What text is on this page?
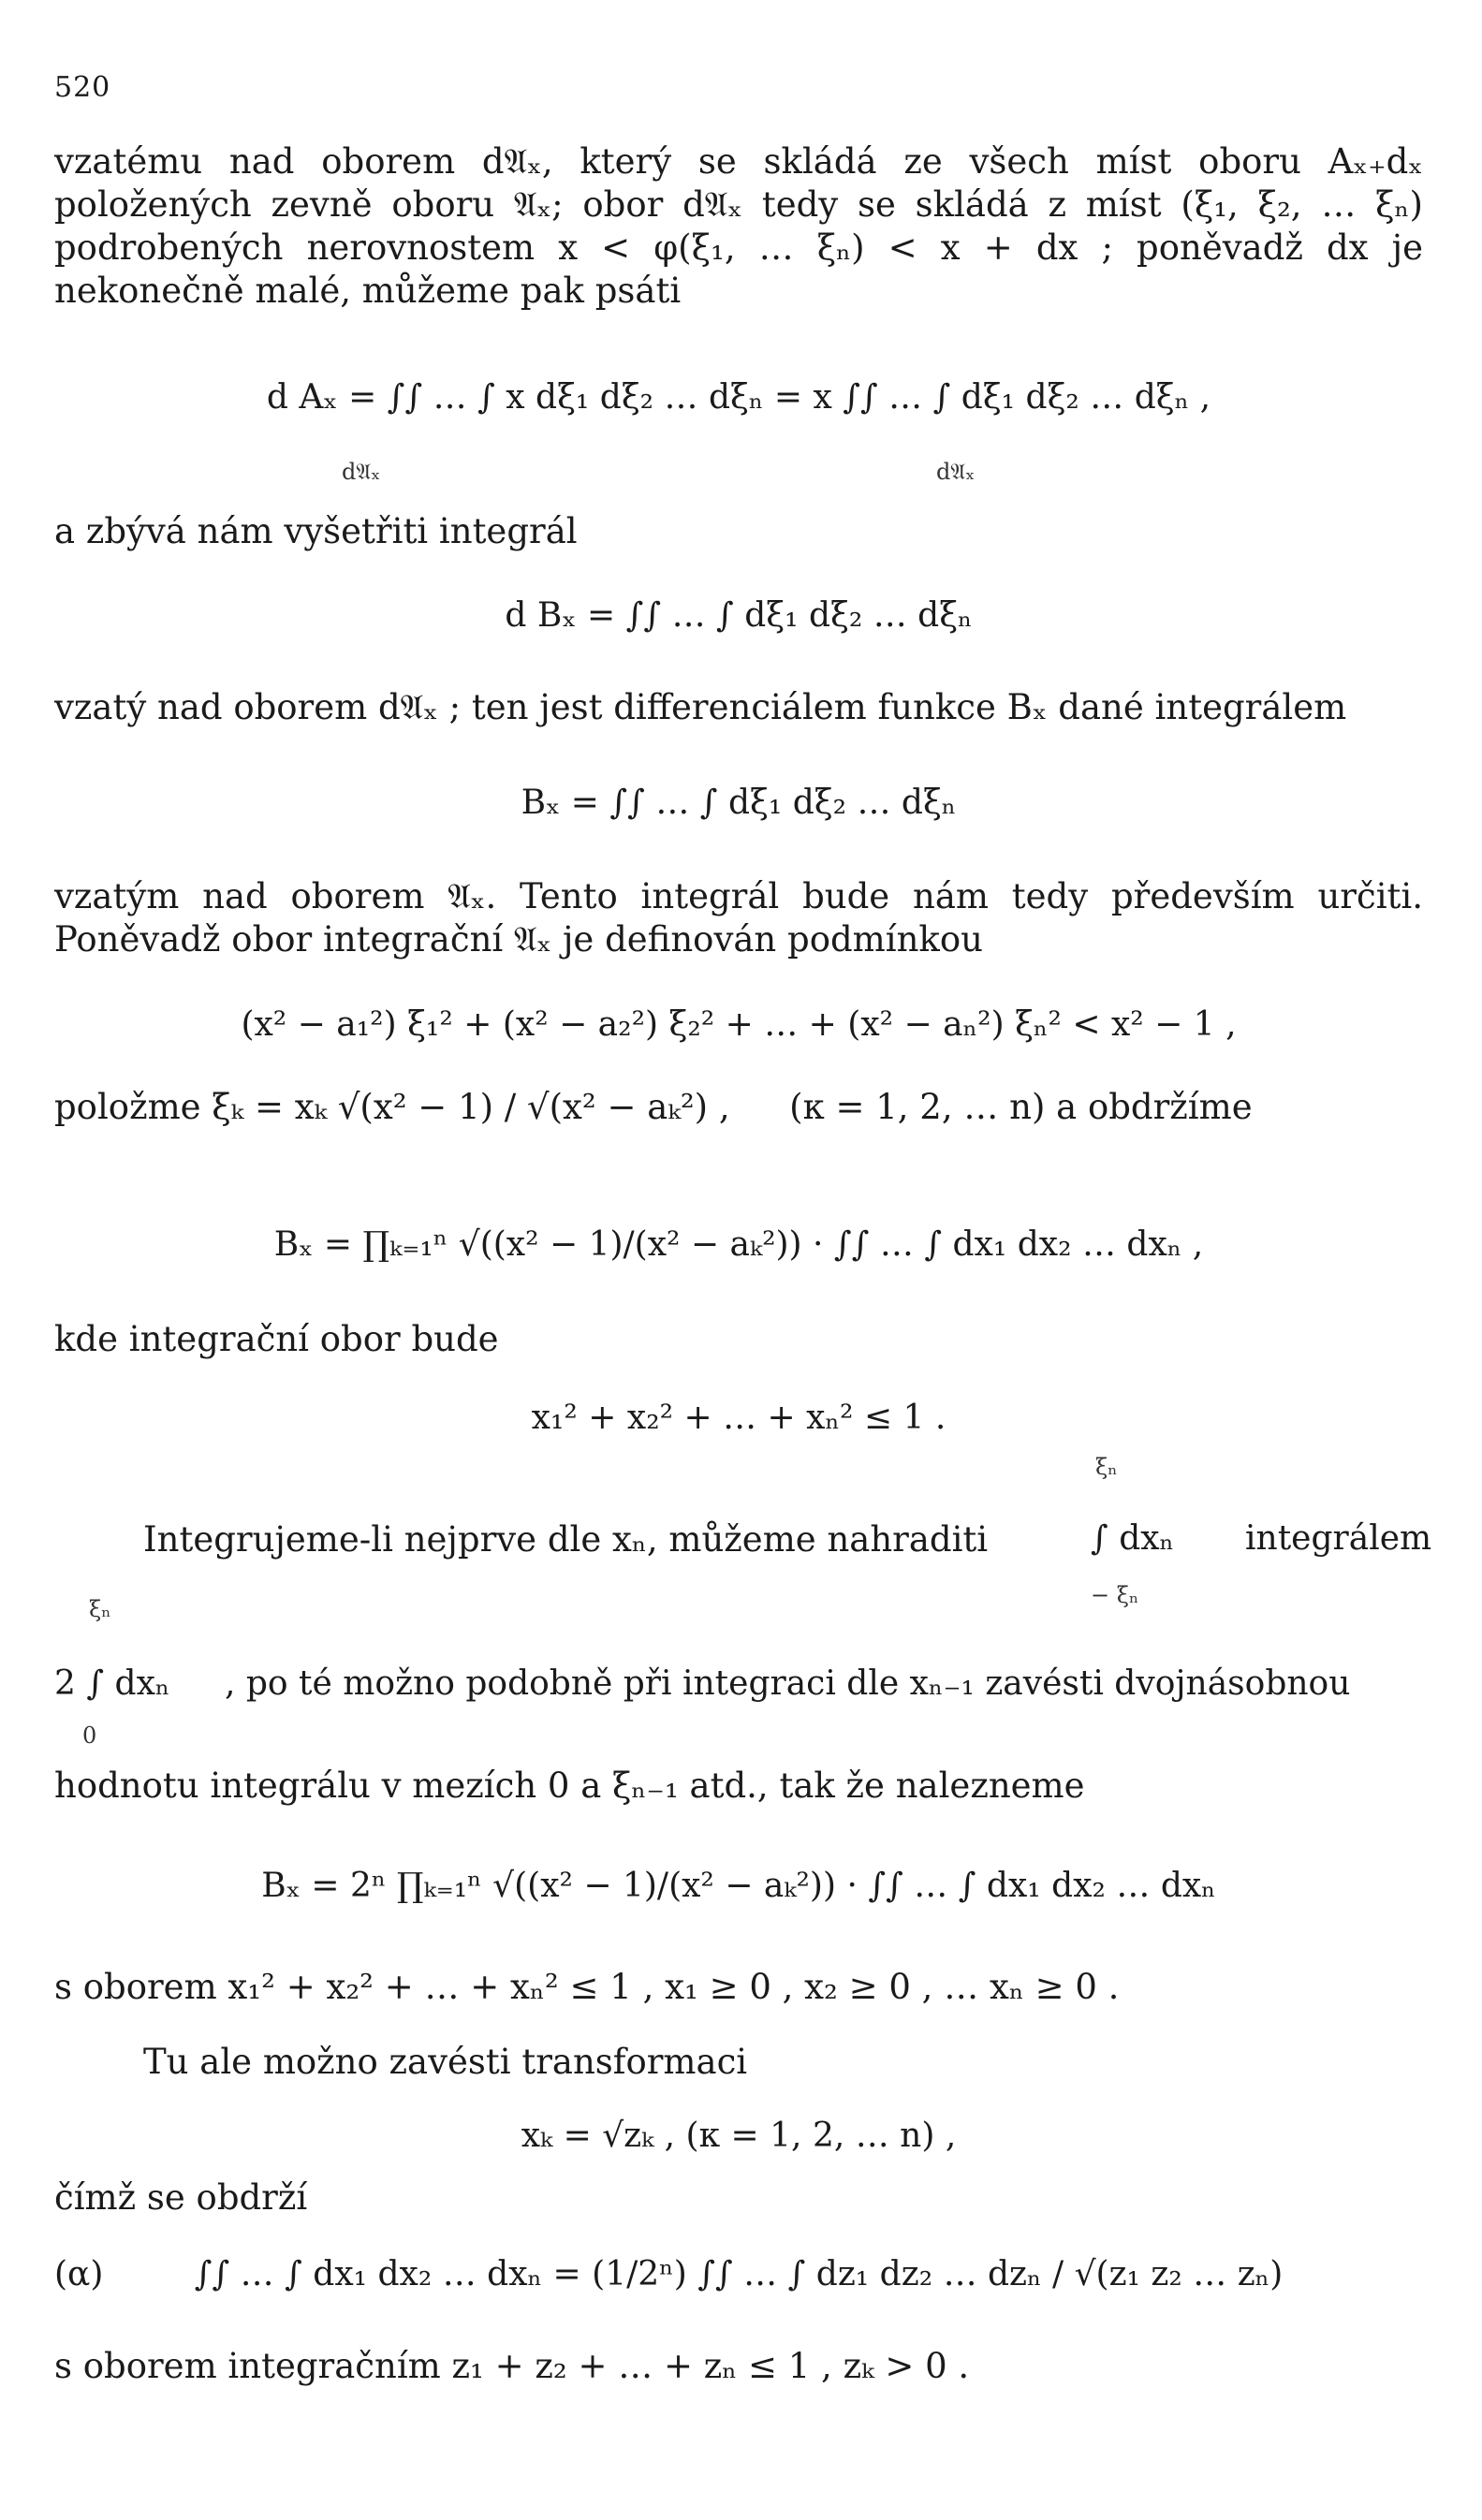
520
vzatému nad oborem d𝔄ₓ, který se skládá ze všech míst oboru Aₓ₊dₓ položených zevně oboru 𝔄ₓ; obor d𝔄ₓ tedy se skládá z míst (ξ₁, ξ₂, … ξₙ) podrobených nerovnostem x < φ(ξ₁, … ξₙ) < x + dx ; poněvadž dx je nekonečně malé, můžeme pak psáti
d Aₓ = ∫∫ … ∫ x dξ₁ dξ₂ … dξₙ = x ∫∫ … ∫ dξ₁ dξ₂ … dξₙ ,
d𝔄ₓ	d𝔄ₓ
a zbývá nám vyšetřiti integrál
d Bₓ = ∫∫ … ∫ dξ₁ dξ₂ … dξₙ
vzatý nad oborem d𝔄ₓ ; ten jest differenciálem funkce Bₓ dané integrálem
Bₓ = ∫∫ … ∫ dξ₁ dξ₂ … dξₙ
vzatým nad oborem 𝔄ₓ. Tento integrál bude nám tedy především určiti. Poněvadž obor integrační 𝔄ₓ je definován podmínkou
(x² − a₁²) ξ₁² + (x² − a₂²) ξ₂² + … + (x² − aₙ²) ξₙ² < x² − 1 ,
položme ξₖ = xₖ √(x² − 1) / √(x² − aₖ²) , (κ = 1, 2, … n) a obdržíme
Bₓ = ∏ₖ₌₁ⁿ √((x² − 1)/(x² − aₖ²)) · ∫∫ … ∫ dx₁ dx₂ … dxₙ ,
kde integrační obor bude
x₁² + x₂² + … + xₙ² ≤ 1 .
Integrujeme-li nejprve dle xₙ, můžeme nahraditi
ξₙ
∫ dxₙ
− ξₙ
integrálem
ξₙ
2 ∫ dxₙ
0
, po té možno podobně při integraci dle xₙ₋₁ zavésti dvojnásobnou
hodnotu integrálu v mezích 0 a ξₙ₋₁ atd., tak že nalezneme
Bₓ = 2ⁿ ∏ₖ₌₁ⁿ √((x² − 1)/(x² − aₖ²)) · ∫∫ … ∫ dx₁ dx₂ … dxₙ
s oborem x₁² + x₂² + … + xₙ² ≤ 1 , x₁ ≥ 0 , x₂ ≥ 0 , … xₙ ≥ 0 .
Tu ale možno zavésti transformaci
xₖ = √zₖ , (κ = 1, 2, … n) ,
čímž se obdrží
(α)	∫∫ … ∫ dx₁ dx₂ … dxₙ = (1/2ⁿ) ∫∫ … ∫ dz₁ dz₂ … dzₙ / √(z₁ z₂ … zₙ)
s oborem integračním z₁ + z₂ + … + zₙ ≤ 1 , zₖ > 0 .
